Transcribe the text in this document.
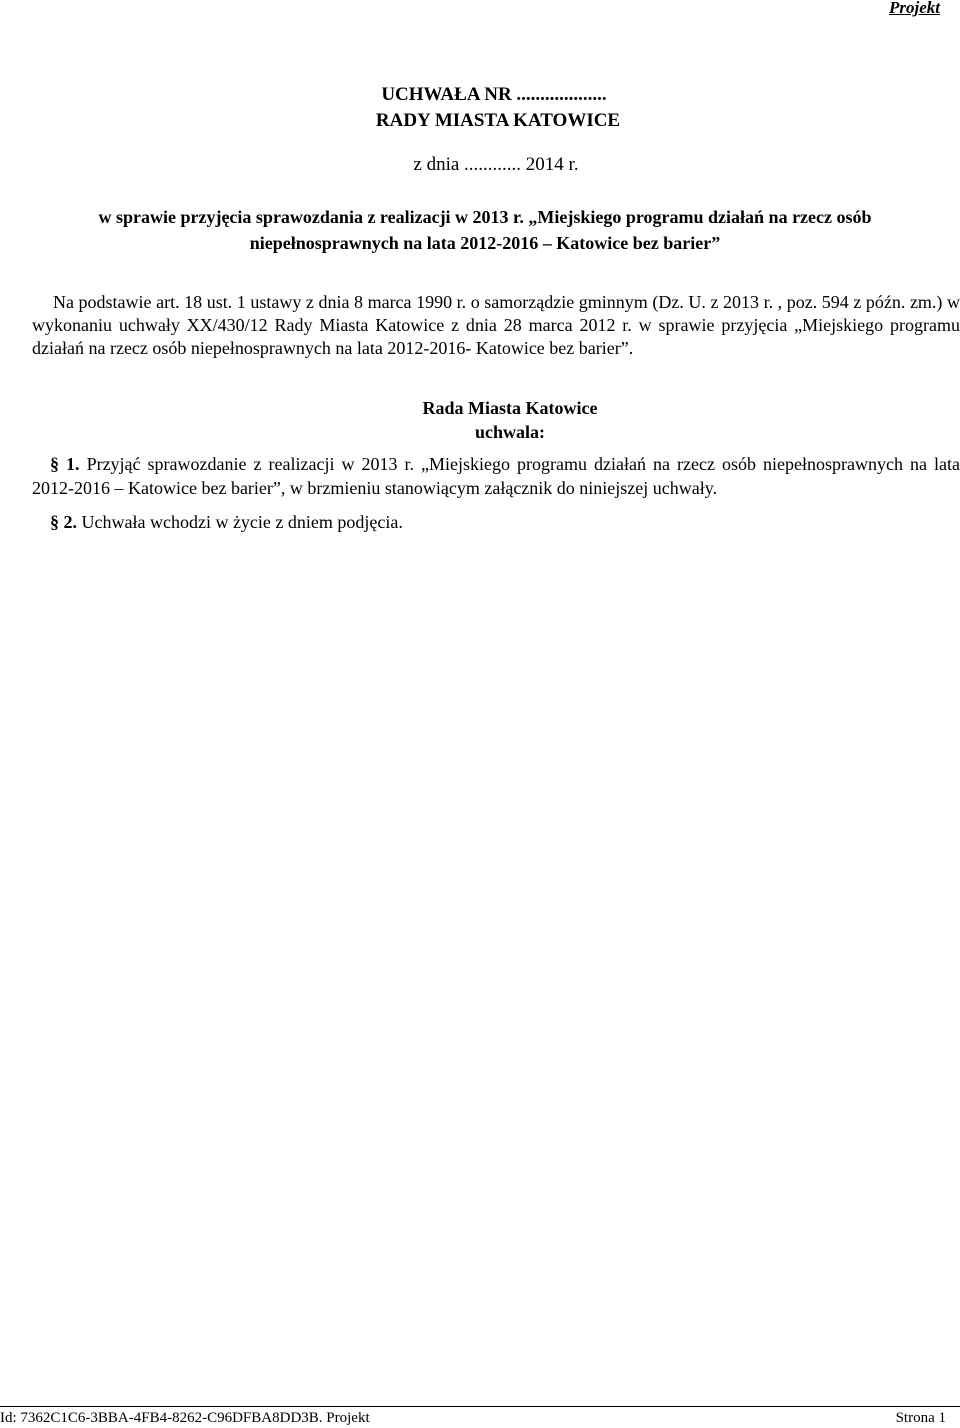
Projekt
UCHWAŁA NR ...................
RADY MIASTA KATOWICE
z dnia ............ 2014 r.
w sprawie przyjęcia sprawozdania z realizacji w 2013 r. „Miejskiego programu działań na rzecz osób
niepełnosprawnych na lata 2012-2016 – Katowice bez barier”
Na podstawie art. 18 ust. 1 ustawy z dnia 8 marca 1990 r. o samorządzie gminnym (Dz. U. z 2013 r. , poz. 594 z późn. zm.) w wykonaniu uchwały XX/430/12 Rady Miasta Katowice z dnia 28 marca 2012 r. w sprawie przyjęcia „Miejskiego programu działań na rzecz osób niepełnosprawnych na lata 2012-2016- Katowice bez barier”.
Rada Miasta Katowice
uchwala:
§ 1. Przyjąć sprawozdanie z realizacji w 2013 r. „Miejskiego programu działań na rzecz osób niepełnosprawnych na lata 2012-2016 – Katowice bez barier”, w brzmieniu stanowiącym załącznik do niniejszej uchwały.
§ 2. Uchwała wchodzi w życie z dniem podjęcia.
Id: 7362C1C6-3BBA-4FB4-8262-C96DFBA8DD3B. Projekt	Strona 1
